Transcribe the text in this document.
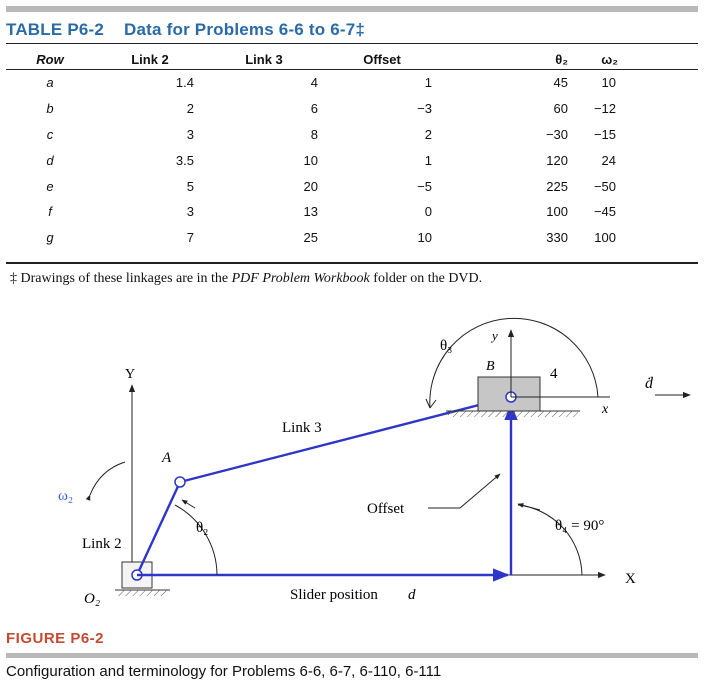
TABLE P6-2 Data for Problems 6-6 to 6-7‡
Row	Link 2	Link 3	Offset	θ₂	ω₂
a	1.4	4	1	45	10
b	2	6	−3	60	−12
c	3	8	2	−30	−15
d	3.5	10	1	120	24
e	5	20	−5	225	−50
f	3	13	0	100	−45
g	7	25	10	330	100
‡ Drawings of these linkages are in the PDF Problem Workbook folder on the DVD.
Y
X
y
x
θ₃
B	4
ḋ
Link 3
A
ω₂
θ₂
Offset
θ₄ = 90°
Link 2
O₂	Slider position d
FIGURE P6-2
Configuration and terminology for Problems 6-6, 6-7, 6-110, 6-111
